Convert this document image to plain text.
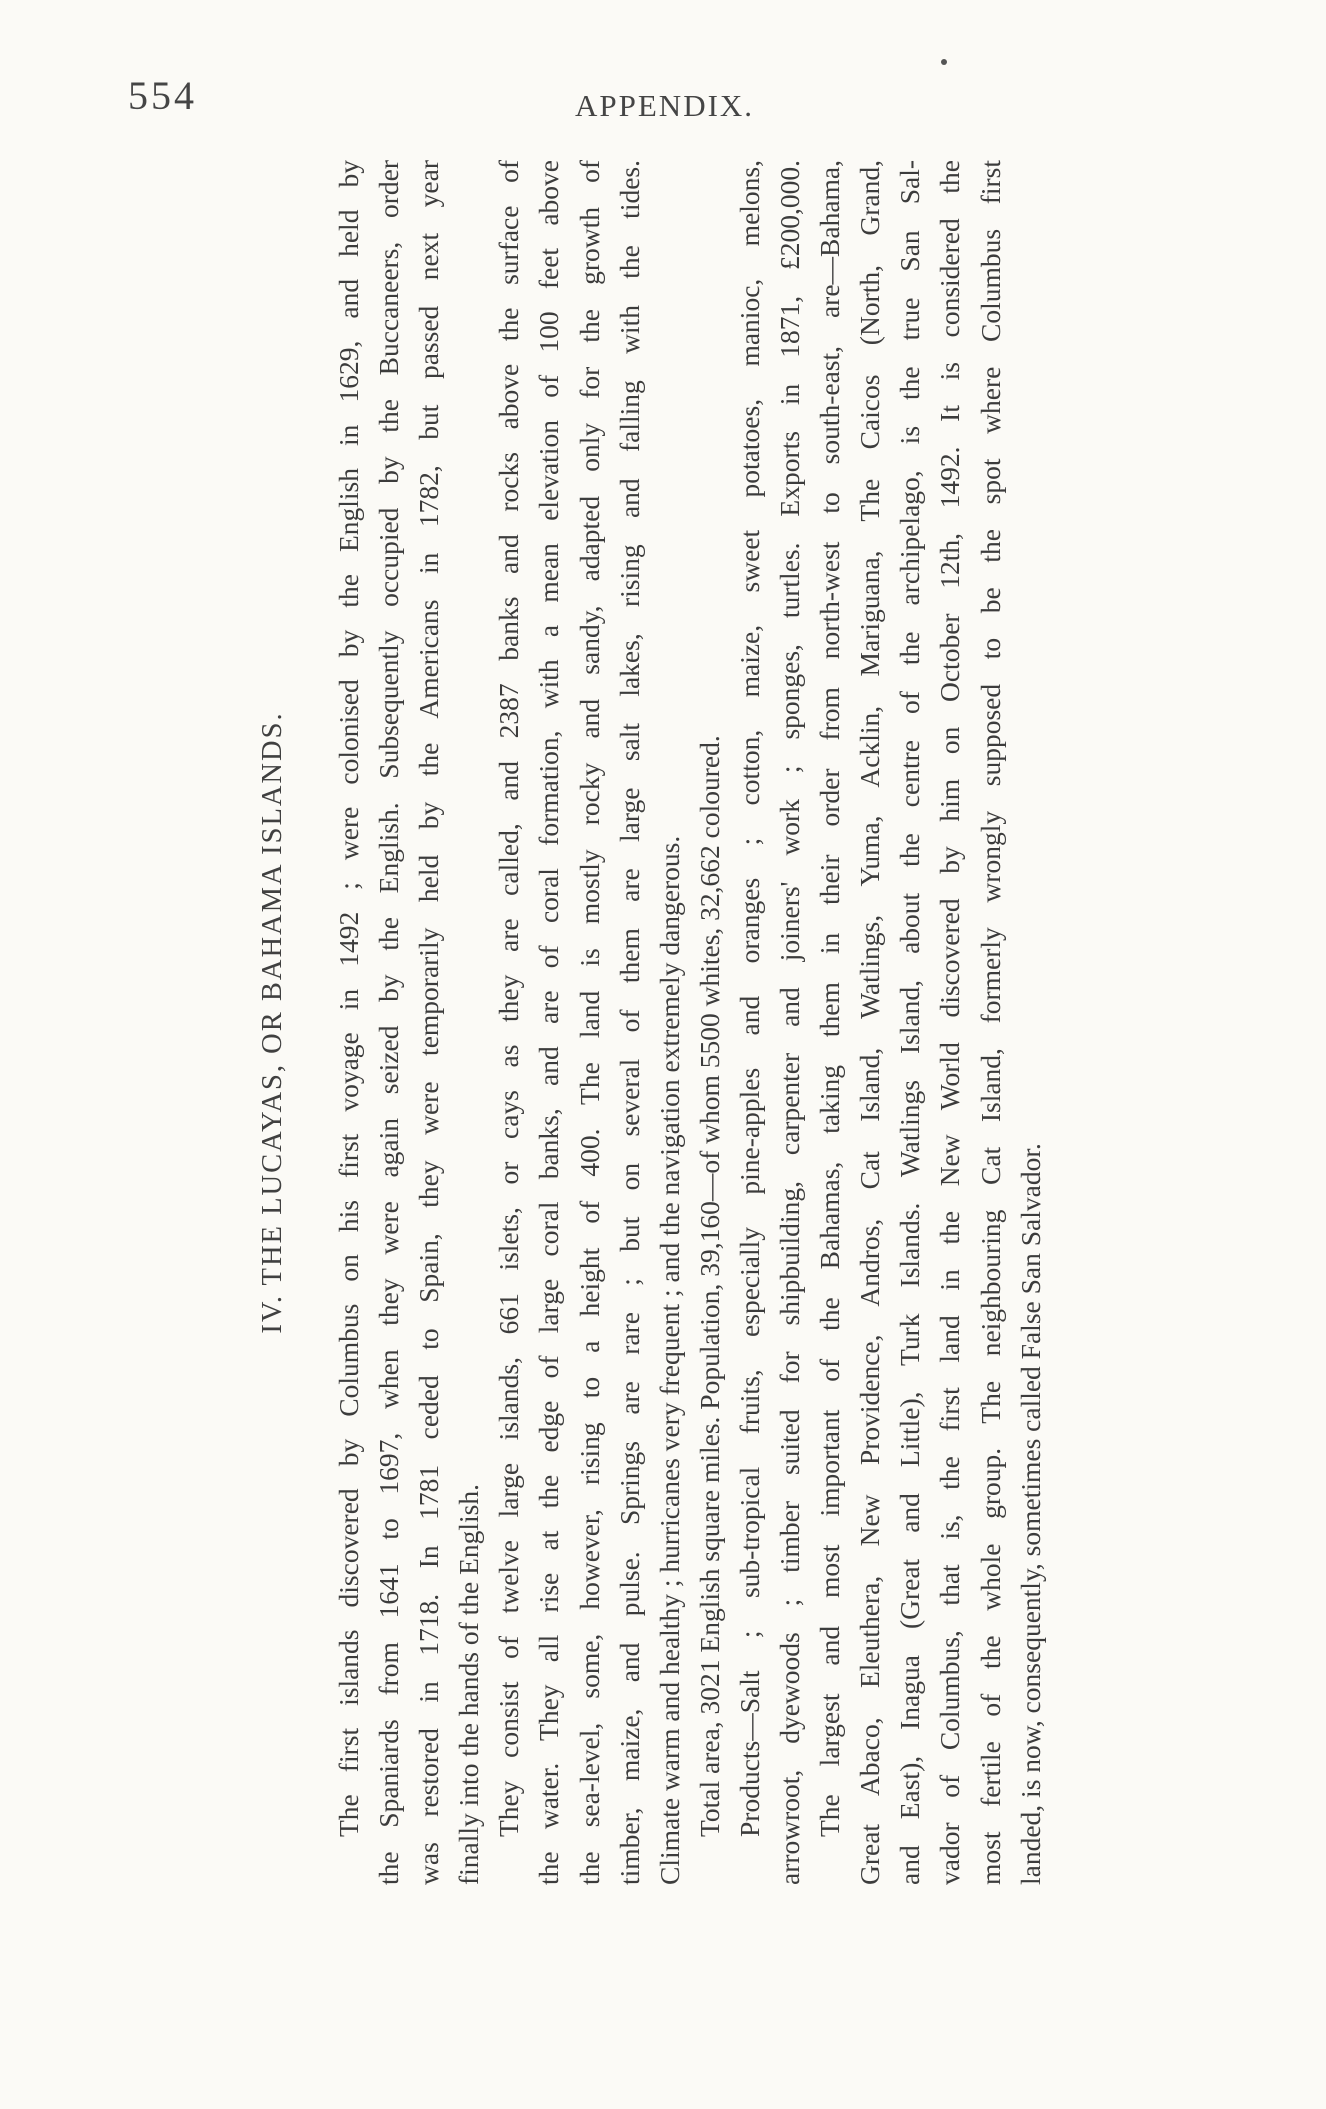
554	APPENDIX.
IV. THE LUCAYAS, OR BAHAMA ISLANDS. The first islands discovered by Columbus on his first voyage in 1492 ; were colonised by the English in 1629, and held by the Spaniards from 1641 to 1697, when they were again seized by the English. Subsequently occupied by the Buccaneers, order was restored in 1718. In 1781 ceded to Spain, they were temporarily held by the Americans in 1782, but passed next year finally into the hands of the English. They consist of twelve large islands, 661 islets, or cays as they are called, and 2387 banks and rocks above the surface of the water. They all rise at the edge of large coral banks, and are of coral formation, with a mean elevation of 100 feet above the sea-level, some, however, rising to a height of 400. The land is mostly rocky and sandy, adapted only for the growth of timber, maize, and pulse. Springs are rare ; but on several of them are large salt lakes, rising and falling with the tides. Climate warm and healthy ; hurricanes very frequent ; and the navigation extremely dangerous. Total area, 3021 English square miles. Population, 39,160—of whom 5500 whites, 32,662 coloured. Products—Salt ; sub-tropical fruits, especially pine-apples and oranges ; cotton, maize, sweet potatoes, manioc, melons, arrowroot, dyewoods ; timber suited for shipbuilding, carpenter and joiners' work ; sponges, turtles. Exports in 1871, £200,000. The largest and most important of the Bahamas, taking them in their order from north-west to south-east, are—Bahama, Great Abaco, Eleuthera, New Providence, Andros, Cat Island, Watlings, Yuma, Acklin, Mariguana, The Caicos (North, Grand, and East), Inagua (Great and Little), Turk Islands. Watlings Island, about the centre of the archipelago, is the true San Sal- vador of Columbus, that is, the first land in the New World discovered by him on October 12th, 1492. It is considered the most fertile of the whole group. The neighbouring Cat Island, formerly wrongly supposed to be the spot where Columbus first landed, is now, consequently, sometimes called False San Salvador.
